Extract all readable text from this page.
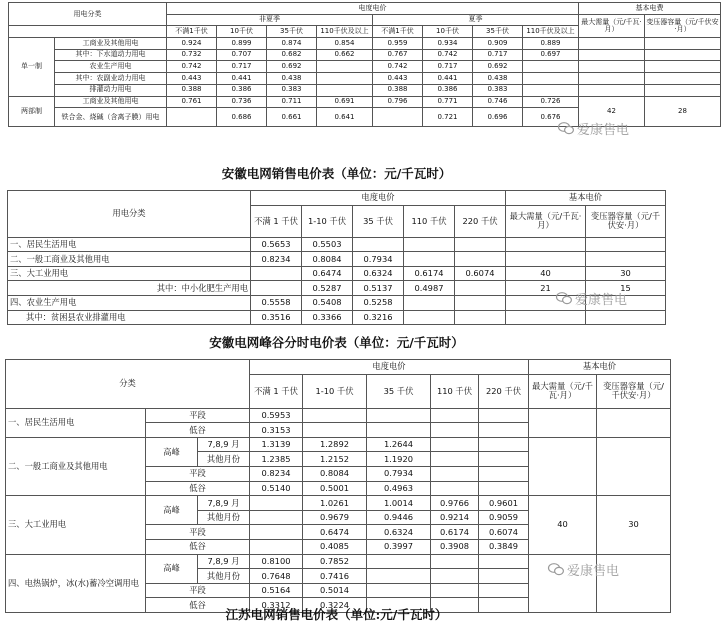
用电分类		电度电价								基本电费	
		非夏季				夏季				最大需量（元/千瓦·月）	变压器容量（元/千伏安·月）
		不满1千伏	10千伏	35千伏	110千伏及以上	不满1千伏	10千伏	35千伏	110千伏及以上		
单一制	工商业及其他用电	0.924	0.899	0.874	0.854	0.959	0.934	0.909	0.889		
	其中：下水道动力用电	0.732	0.707	0.682	0.662	0.767	0.742	0.717	0.697		
	农业生产用电	0.742	0.717	0.692		0.742	0.717	0.692			
	其中：农副业动力用电	0.443	0.441	0.438		0.443	0.441	0.438			
	排灌动力用电	0.388	0.386	0.383		0.388	0.386	0.383			
两部制	工商业及其他用电	0.761	0.736	0.711	0.691	0.796	0.771	0.746	0.726	42	28
	铁合金、烧碱（含离子膜）用电		0.686	0.661	0.641		0.721	0.696	0.676		
爱康售电
安徽电网销售电价表（单位：元/千瓦时）
用电分类	电度电价					基本电价	
	不满 1 千伏	1-10 千伏	35 千伏	110 千伏	220 千伏	最大需量（元/千瓦·月）	变压器容量（元/千伏安·月）
一、居民生活用电	0.5653	0.5503					
二、一般工商业及其他用电	0.8234	0.8084	0.7934				
三、大工业用电		0.6474	0.6324	0.6174	0.6074	40	30
其中：中小化肥生产用电		0.5287	0.5137	0.4987		21	15
四、农业生产用电	0.5558	0.5408	0.5258				
其中：贫困县农业排灌用电	0.3516	0.3366	0.3216				
爱康售电
安徽电网峰谷分时电价表（单位：元/千瓦时）
分类			电度电价					基本电价	
			不满 1 千伏	1-10 千伏	35 千伏	110 千伏	220 千伏	最大需量（元/千瓦·月）	变压器容量（元/千伏安·月）
一、居民生活用电	平段		0.5953						
	低谷		0.3153						
二、一般工商业及其他用电	高峰	7,8,9 月	1.3139	1.2892	1.2644				
		其他月份	1.2385	1.2152	1.1920				
	平段		0.8234	0.8084	0.7934				
	低谷		0.5140	0.5001	0.4963				
三、大工业用电	高峰	7,8,9 月		1.0261	1.0014	0.9766	0.9601	40	30
		其他月份		0.9679	0.9446	0.9214	0.9059		
	平段			0.6474	0.6324	0.6174	0.6074		
	低谷			0.4085	0.3997	0.3908	0.3849		
四、电热锅炉，冰(水)蓄冷空调用电	高峰	7,8,9 月	0.8100	0.7852					
		其他月份	0.7648	0.7416					
	平段		0.5164	0.5014					
	低谷		0.3312	0.3224					
爱康售电
江苏电网销售电价表（单位:元/千瓦时）
